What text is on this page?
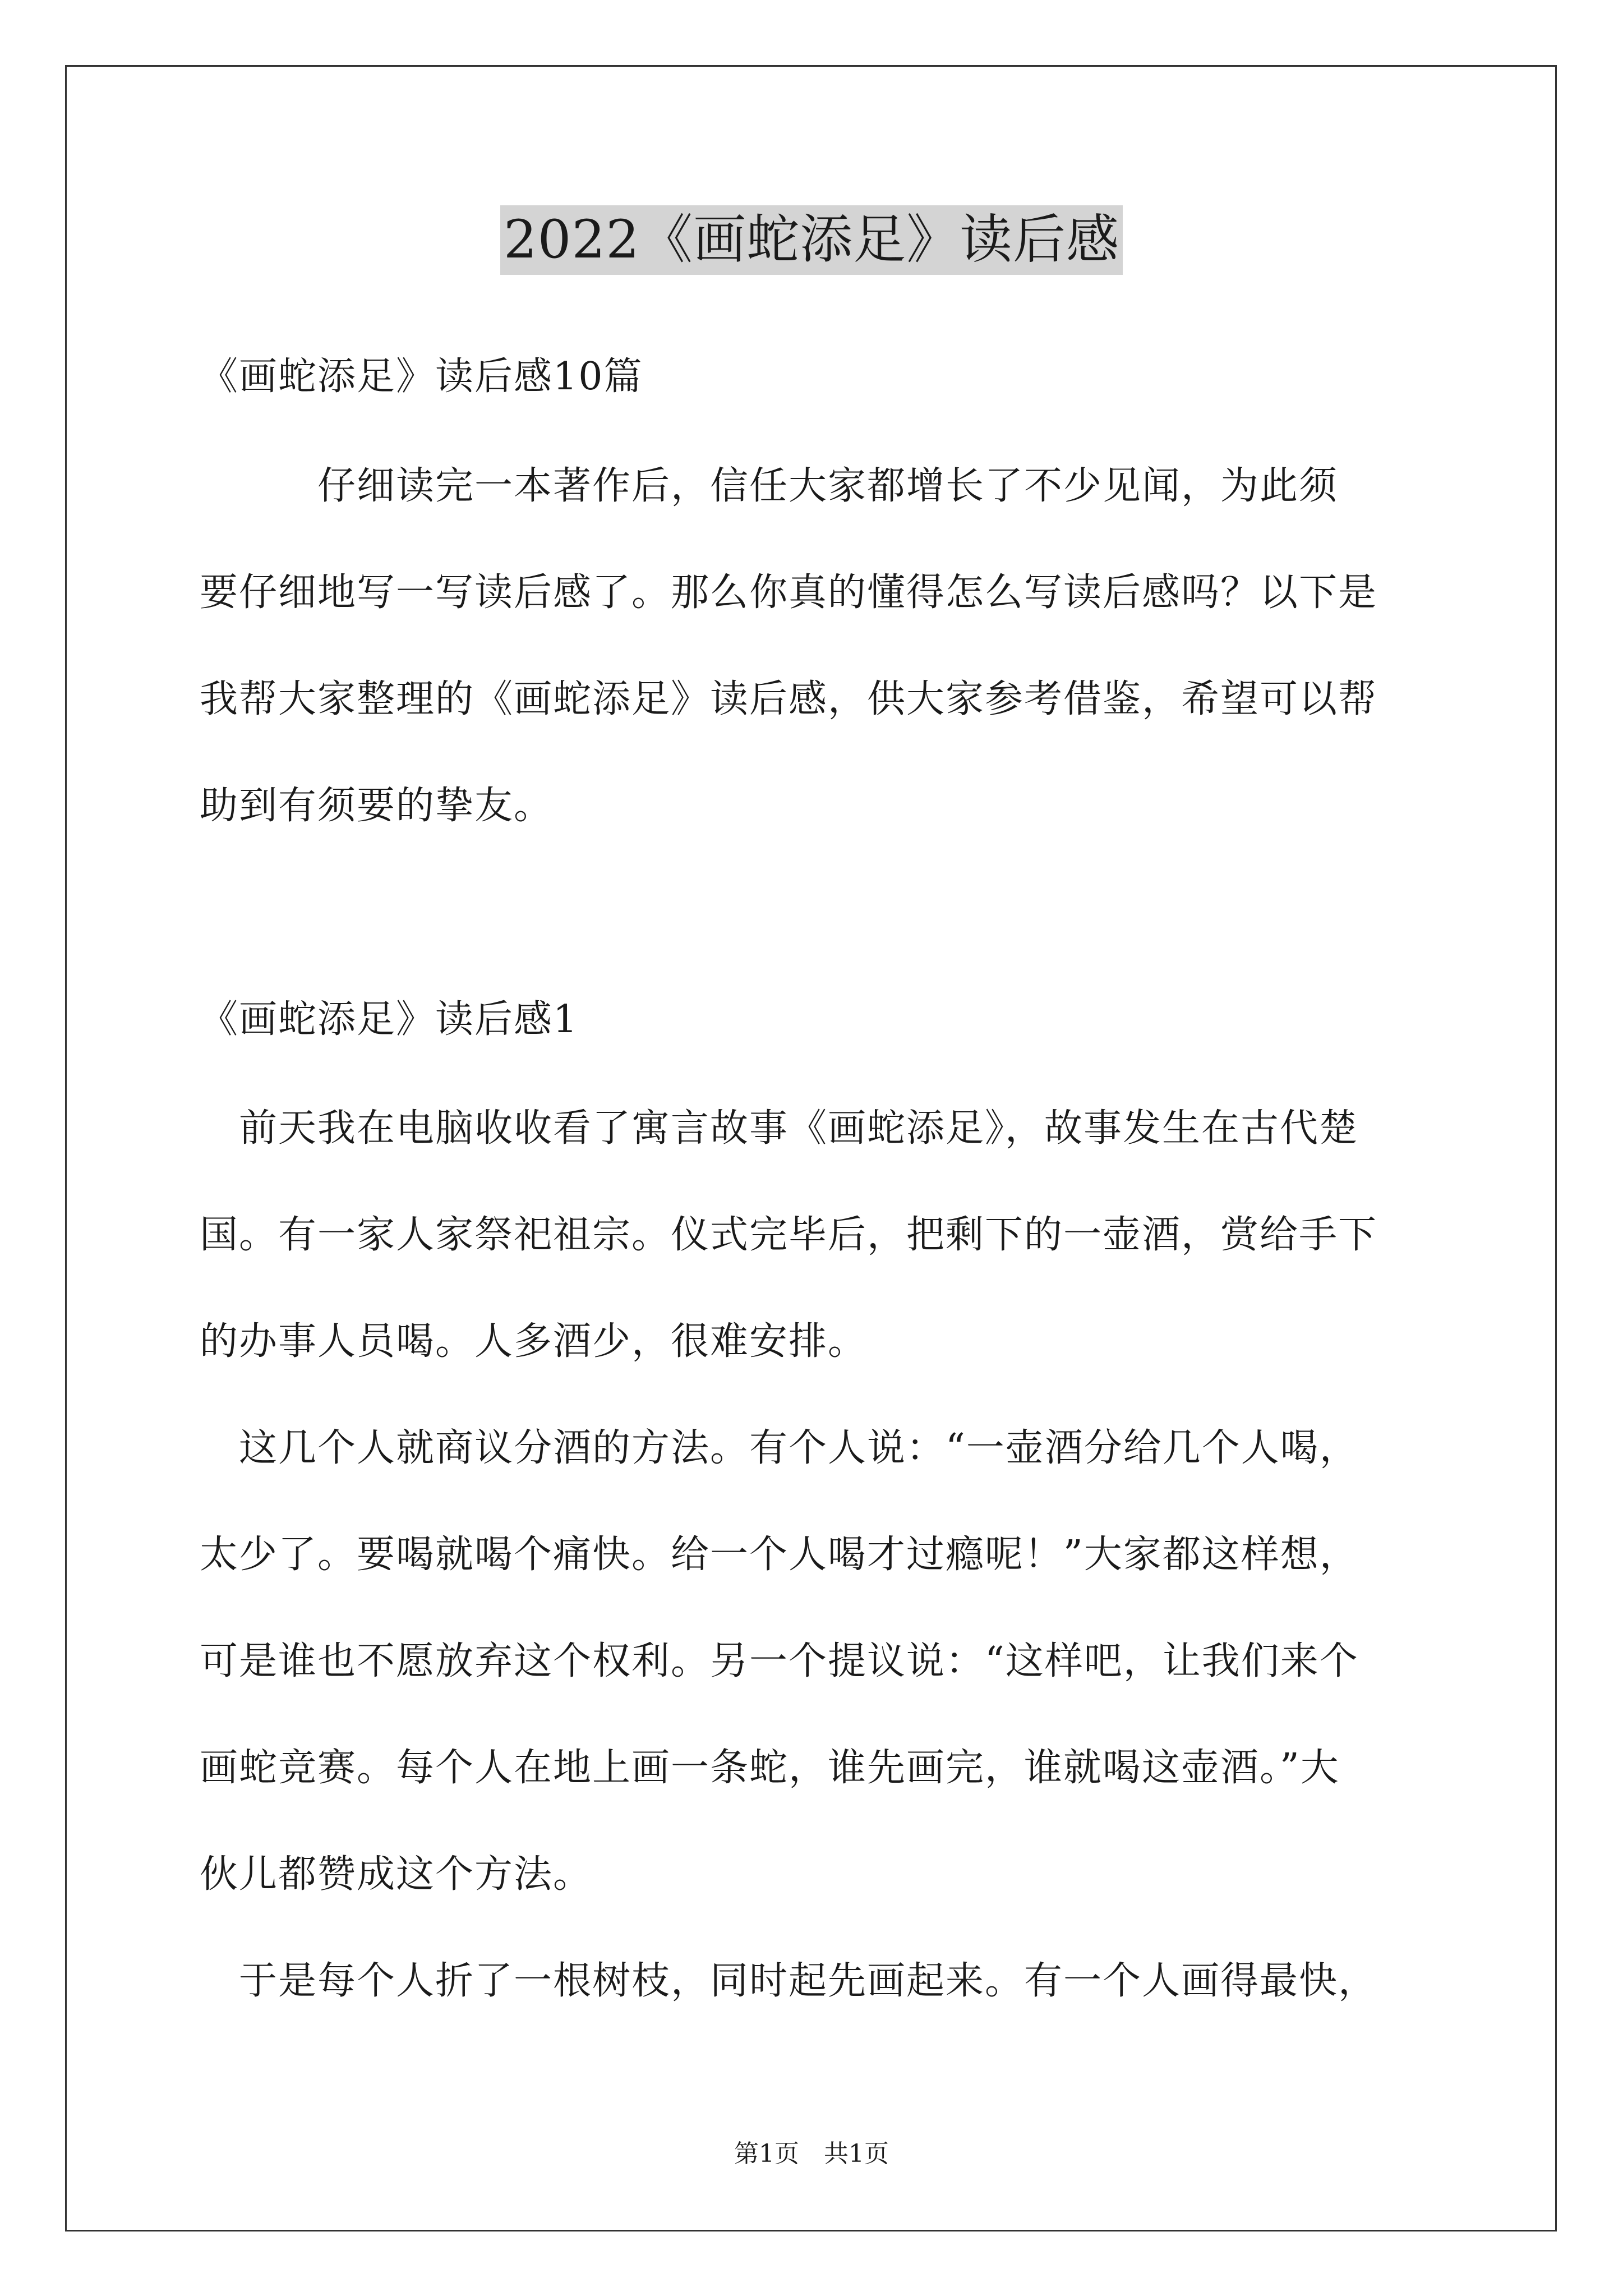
2022《画蛇添足》读后感
《画蛇添足》读后感10篇
　　　仔细读完一本著作后，信任大家都增长了不少见闻，为此须
要仔细地写一写读后感了。那么你真的懂得怎么写读后感吗？以下是
我帮大家整理的《画蛇添足》读后感，供大家参考借鉴，希望可以帮
助到有须要的挚友。
《画蛇添足》读后感1
　前天我在电脑收收看了寓言故事《画蛇添足》，故事发生在古代楚
国。有一家人家祭祀祖宗。仪式完毕后，把剩下的一壶酒，赏给手下
的办事人员喝。人多酒少，很难安排。
　这几个人就商议分酒的方法。有个人说：“一壶酒分给几个人喝，
太少了。要喝就喝个痛快。给一个人喝才过瘾呢！”大家都这样想，
可是谁也不愿放弃这个权利。另一个提议说：“这样吧，让我们来个
画蛇竞赛。每个人在地上画一条蛇，谁先画完，谁就喝这壶酒。”大
伙儿都赞成这个方法。
　于是每个人折了一根树枝，同时起先画起来。有一个人画得最快，
第1页　共1页
